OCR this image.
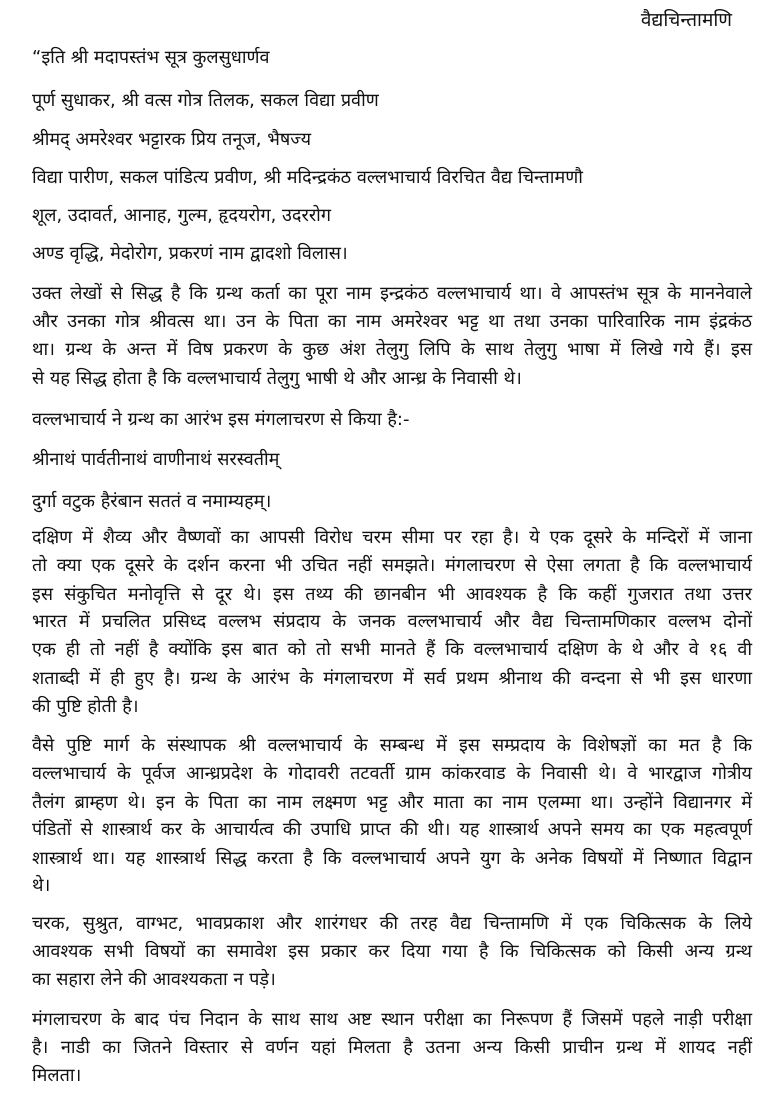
वैद्यचिन्तामणि
“इति श्री मदापस्तंभ सूत्र कुलसुधार्णव
पूर्ण सुधाकर, श्री वत्स गोत्र तिलक, सकल विद्या प्रवीण
श्रीमद् अमरेश्वर भट्टारक प्रिय तनूज, भैषज्य
विद्या पारीण, सकल पांडित्य प्रवीण, श्री मदिन्द्रकंठ वल्लभाचार्य विरचित वैद्य चिन्तामणौ
शूल, उदावर्त, आनाह, गुल्म, हृदयरोग, उदररोग
अण्ड वृद्धि, मेदोरोग, प्रकरणं नाम द्वादशो विलास।
उक्त लेखों से सिद्ध है कि ग्रन्थ कर्ता का पूरा नाम इन्द्रकंठ वल्लभाचार्य था। वे आपस्तंभ सूत्र के माननेवाले
और उनका गोत्र श्रीवत्स था। उन के पिता का नाम अमरेश्वर भट्ट था तथा उनका पारिवारिक नाम इंद्रकंठ
था। ग्रन्थ के अन्त में विष प्रकरण के कुछ अंश तेलुगु लिपि के साथ तेलुगु भाषा में लिखे गये हैं। इस
से यह सिद्ध होता है कि वल्लभाचार्य तेलुगु भाषी थे और आन्ध्र के निवासी थे।
वल्लभाचार्य ने ग्रन्थ का आरंभ इस मंगलाचरण से किया है:-
श्रीनाथं पार्वतीनाथं वाणीनाथं सरस्वतीम्
दुर्गा वटुक हैरंबान सततं व नमाम्यहम्।
दक्षिण में शैव्य और वैष्णवों का आपसी विरोध चरम सीमा पर रहा है। ये एक दूसरे के मन्दिरों में जाना
तो क्या एक दूसरे के दर्शन करना भी उचित नहीं समझते। मंगलाचरण से ऐसा लगता है कि वल्लभाचार्य
इस संकुचित मनोवृत्ति से दूर थे। इस तथ्य की छानबीन भी आवश्यक है कि कहीं गुजरात तथा उत्तर
भारत में प्रचलित प्रसिध्द वल्लभ संप्रदाय के जनक वल्लभाचार्य और वैद्य चिन्तामणिकार वल्लभ दोनों
एक ही तो नहीं है क्योंकि इस बात को तो सभी मानते हैं कि वल्लभाचार्य दक्षिण के थे और वे १६ वी
शताब्दी में ही हुए है। ग्रन्थ के आरंभ के मंगलाचरण में सर्व प्रथम श्रीनाथ की वन्दना से भी इस धारणा
की पुष्टि होती है।
वैसे पुष्टि मार्ग के संस्थापक श्री वल्लभाचार्य के सम्बन्ध में इस सम्प्रदाय के विशेषज्ञों का मत है कि
वल्लभाचार्य के पूर्वज आन्ध्रप्रदेश के गोदावरी तटवर्ती ग्राम कांकरवाड के निवासी थे। वे भारद्वाज गोत्रीय
तैलंग ब्राम्हण थे। इन के पिता का नाम लक्ष्मण भट्ट और माता का नाम एलम्मा था। उन्होंने विद्यानगर में
पंडितों से शास्त्रार्थ कर के आचार्यत्व की उपाधि प्राप्त की थी। यह शास्त्रार्थ अपने समय का एक महत्वपूर्ण
शास्त्रार्थ था। यह शास्त्रार्थ सिद्ध करता है कि वल्लभाचार्य अपने युग के अनेक विषयों में निष्णात विद्वान
थे।
चरक, सुश्रुत, वाग्भट, भावप्रकाश और शारंगधर की तरह वैद्य चिन्तामणि में एक चिकित्सक के लिये
आवश्यक सभी विषयों का समावेश इस प्रकार कर दिया गया है कि चिकित्सक को किसी अन्य ग्रन्थ
का सहारा लेने की आवश्यकता न पड़े।
मंगलाचरण के बाद पंच निदान के साथ साथ अष्ट स्थान परीक्षा का निरूपण हैं जिसमें पहले नाड़ी परीक्षा
है। नाडी का जितने विस्तार से वर्णन यहां मिलता है उतना अन्य किसी प्राचीन ग्रन्थ में शायद नहीं
मिलता।
